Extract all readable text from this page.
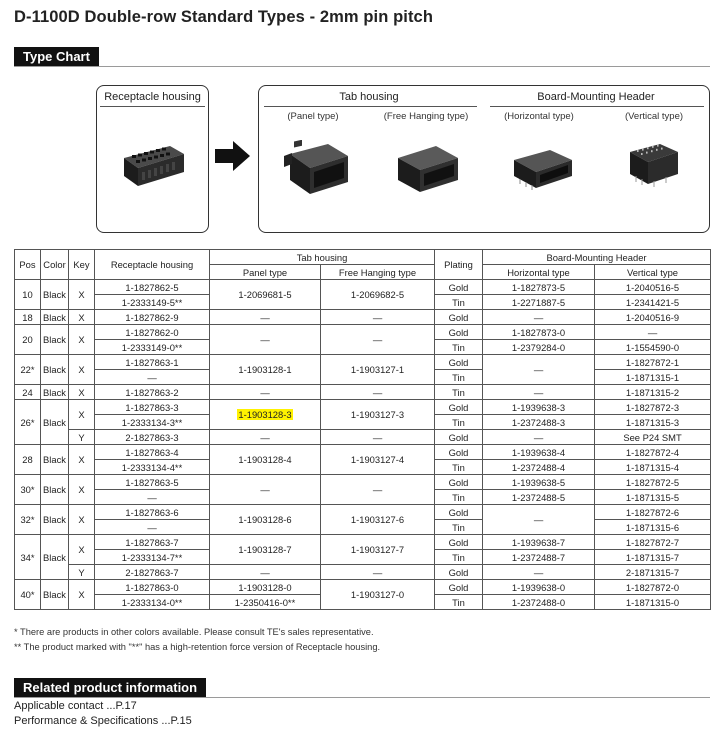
D-1100D Double-row Standard Types - 2mm pin pitch
Type Chart
Receptacle housing	Tab housing	Board-Mounting Header
(Panel type)	(Free Hanging type)	(Horizontal type)	(Vertical type)
Pos	Color	Key	Receptacle housing	Tab housing		Plating	Board-Mounting Header	
				Panel type	Free Hanging type		Horizontal type	Vertical type
10	Black	X	1-1827862-5	1-2069681-5	1-2069682-5	Gold	1-1827873-5	1-2040516-5
			1-2333149-5**			Tin	1-2271887-5	1-2341421-5
18	Black	X	1-1827862-9	—	—	Gold	—	1-2040516-9
20	Black	X	1-1827862-0	—	—	Gold	1-1827873-0	—
			1-2333149-0**			Tin	1-2379284-0	1-1554590-0
22*	Black	X	1-1827863-1	1-1903128-1	1-1903127-1	Gold	—	1-1827872-1
			—			Tin		1-1871315-1
24	Black	X	1-1827863-2	—	—	Tin	—	1-1871315-2
26*	Black	X	1-1827863-3	1-1903128-3	1-1903127-3	Gold	1-1939638-3	1-1827872-3
			1-2333134-3**			Tin	1-2372488-3	1-1871315-3
		Y	2-1827863-3	—	—	Gold	—	See P24 SMT
28	Black	X	1-1827863-4	1-1903128-4	1-1903127-4	Gold	1-1939638-4	1-1827872-4
			1-2333134-4**			Tin	1-2372488-4	1-1871315-4
30*	Black	X	1-1827863-5	—	—	Gold	1-1939638-5	1-1827872-5
			—			Tin	1-2372488-5	1-1871315-5
32*	Black	X	1-1827863-6	1-1903128-6	1-1903127-6	Gold	—	1-1827872-6
			—			Tin		1-1871315-6
34*	Black	X	1-1827863-7	1-1903128-7	1-1903127-7	Gold	1-1939638-7	1-1827872-7
			1-2333134-7**			Tin	1-2372488-7	1-1871315-7
		Y	2-1827863-7	—	—	Gold	—	2-1871315-7
40*	Black	X	1-1827863-0	1-1903128-0	1-1903127-0	Gold	1-1939638-0	1-1827872-0
			1-2333134-0**	1-2350416-0**		Tin	1-2372488-0	1-1871315-0
* There are products in other colors available. Please consult TE's sales representative.
** The product marked with "**" has a high-retention force version of Receptacle housing.
Related product information
Applicable contact ...P.17
Performance & Specifications ...P.15
